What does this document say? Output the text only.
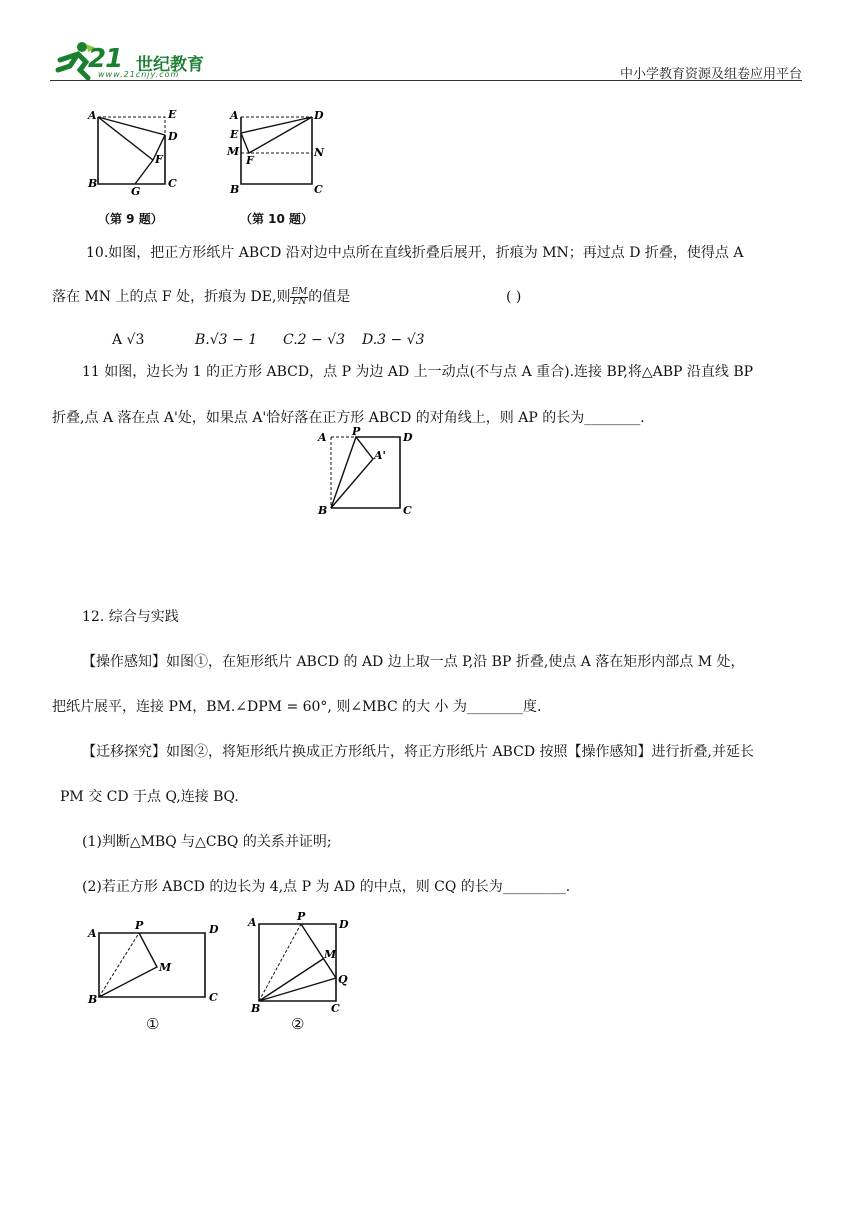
21 世纪教育
www.21cnjy.com	中小学教育资源及组卷应用平台
A	E
D
F
B
G
C
（第 9 题）
A	D
E
M
F
N
B	C
（第 10 题）
10.如图，把正方形纸片 ABCD 沿对边中点所在直线折叠后展开，折痕为 MN；再过点 D 折叠，使得点 A
落在 MN 上的点 F 处，折痕为 DE,则 $\frac{EM}{FN}$ 的值是	( )
A √3	B.√3 − 1 C.2 − √3 D.3 − √3
11 如图，边长为 1 的正方形 ABCD，点 P 为边 AD 上一动点(不与点 A 重合).连接 BP,将△ABP 沿直线 BP
折叠,点 A 落在点 A'处，如果点 A'恰好落在正方形 ABCD 的对角线上，则 AP 的长为________.
A P	D
A'
B	C
12. 综合与实践
【操作感知】如图①，在矩形纸片 ABCD 的 AD 边上取一点 P,沿 BP 折叠,使点 A 落在矩形内部点 M 处，
把纸片展平，连接 PM，BM.∠DPM = 60°, 则∠MBC 的大 小 为________度.
【迁移探究】如图②，将矩形纸片换成正方形纸片，将正方形纸片 ABCD 按照【操作感知】进行折叠,并延长
PM 交 CD 于点 Q,连接 BQ.
(1)判断△MBQ 与△CBQ 的关系并证明;
(2)若正方形 ABCD 的边长为 4,点 P 为 AD 的中点，则 CQ 的长为_________.
A
P	D
M
B	C
①
A	P
D
M
Q
B	C
②
